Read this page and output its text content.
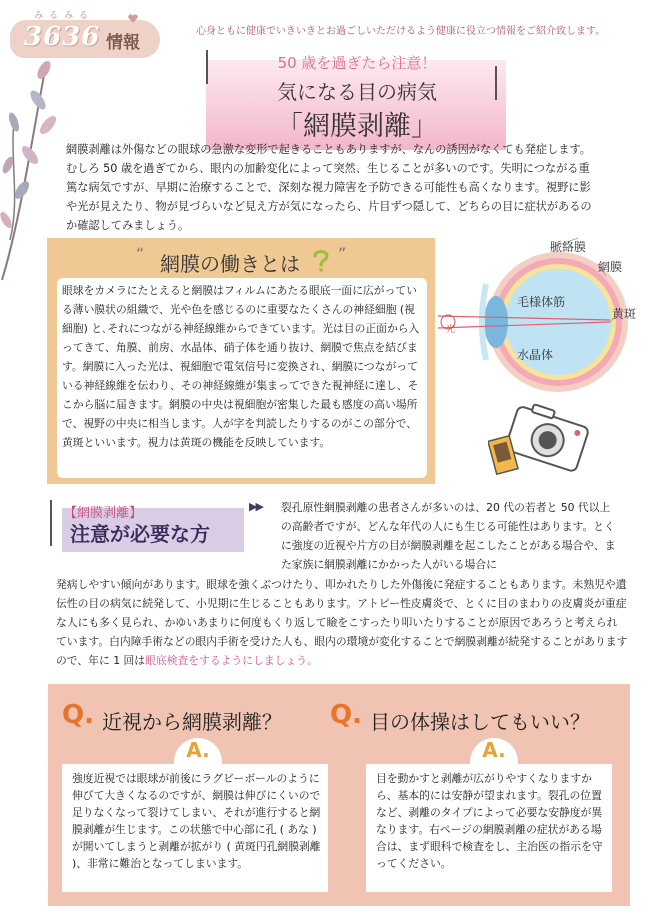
みるみる
3636 情報
心身ともに健康でいきいきとお過ごしいただけるよう健康に役立つ情報をご紹介致します。
50 歳を過ぎたら注意！
気になる目の病気
「網膜剥離」
網膜剥離は外傷などの眼球の急激な変形で起きることもありますが、なんの誘因がなくても発症します。むしろ 50 歳を過ぎてから、眼内の加齢変化によって突然、生じることが多いのです。失明につながる重篤な病気ですが、早期に治療することで、深刻な視力障害を予防できる可能性も高くなります。視野に影や光が見えたり、物が見づらいなど見え方が気になったら、片目ずつ隠して、どちらの目に症状があるのか確認してみましょう。
“ 網膜の働きとは ”
眼球をカメラにたとえると網膜はフィルムにあたる眼底一面に広がっている薄い膜状の組織で、光や色を感じるのに重要なたくさんの神経細胞 (視細胞) と､それにつながる神経線維からできています。光は目の正面から入ってきて、角膜、前房、水晶体、硝子体を通り抜け、網膜で焦点を結びます。網膜に入った光は、視細胞で電気信号に変換され、網膜につながっている神経線維を伝わり、その神経線維が集まってできた視神経に達し、そこから脳に届きます。網膜の中央は視細胞が密集した最も感度の高い場所で、視野の中央に相当します。人が字を判読したりするのがこの部分で、黄斑といいます。視力は黄斑の機能を反映しています。
脈絡膜
網膜
毛様体筋
黄斑
水晶体
光
【網膜剥離】
注意が必要な方
▶▶ 裂孔原性網膜剥離の患者さんが多いのは、20 代の若者と 50 代以上の高齢者ですが、どんな年代の人にも生じる可能性はあります。とくに強度の近視や片方の目が網膜剥離を起こしたことがある場合や、また家族に網膜剥離にかかった人がいる場合に
発病しやすい傾向があります。眼球を強くぶつけたり、叩かれたりした外傷後に発症することもあります。未熟児や遺伝性の目の病気に続発して、小児期に生じることもあります。アトピー性皮膚炎で、とくに目のまわりの皮膚炎が重症な人にも多く見られ、かゆいあまりに何度もくり返して瞼をこすったり叩いたりすることが原因であろうと考えられています。白内障手術などの眼内手術を受けた人も、眼内の環境が変化することで網膜剥離が続発することがありますので、年に 1 回は眼底検査をするようにしましょう。
Q. 近視から網膜剥離？
A.
強度近視では眼球が前後にラグビーボールのように伸びて大きくなるのですが、網膜は伸びにくいので足りなくなって裂けてしまい、それが進行すると網膜剥離が生じます。この状態で中心部に孔 ( あな ) が開いてしまうと剥離が拡がり ( 黄斑円孔網膜剥離 )、非常に難治となってしまいます。
Q. 目の体操はしてもいい？
A.
目を動かすと剥離が広がりやすくなりますから、基本的には安静が望まれます。裂孔の位置など、剥離のタイプによって必要な安静度が異なります。右ページの網膜剥離の症状がある場合は、まず眼科で検査をし、主治医の指示を守ってください。
